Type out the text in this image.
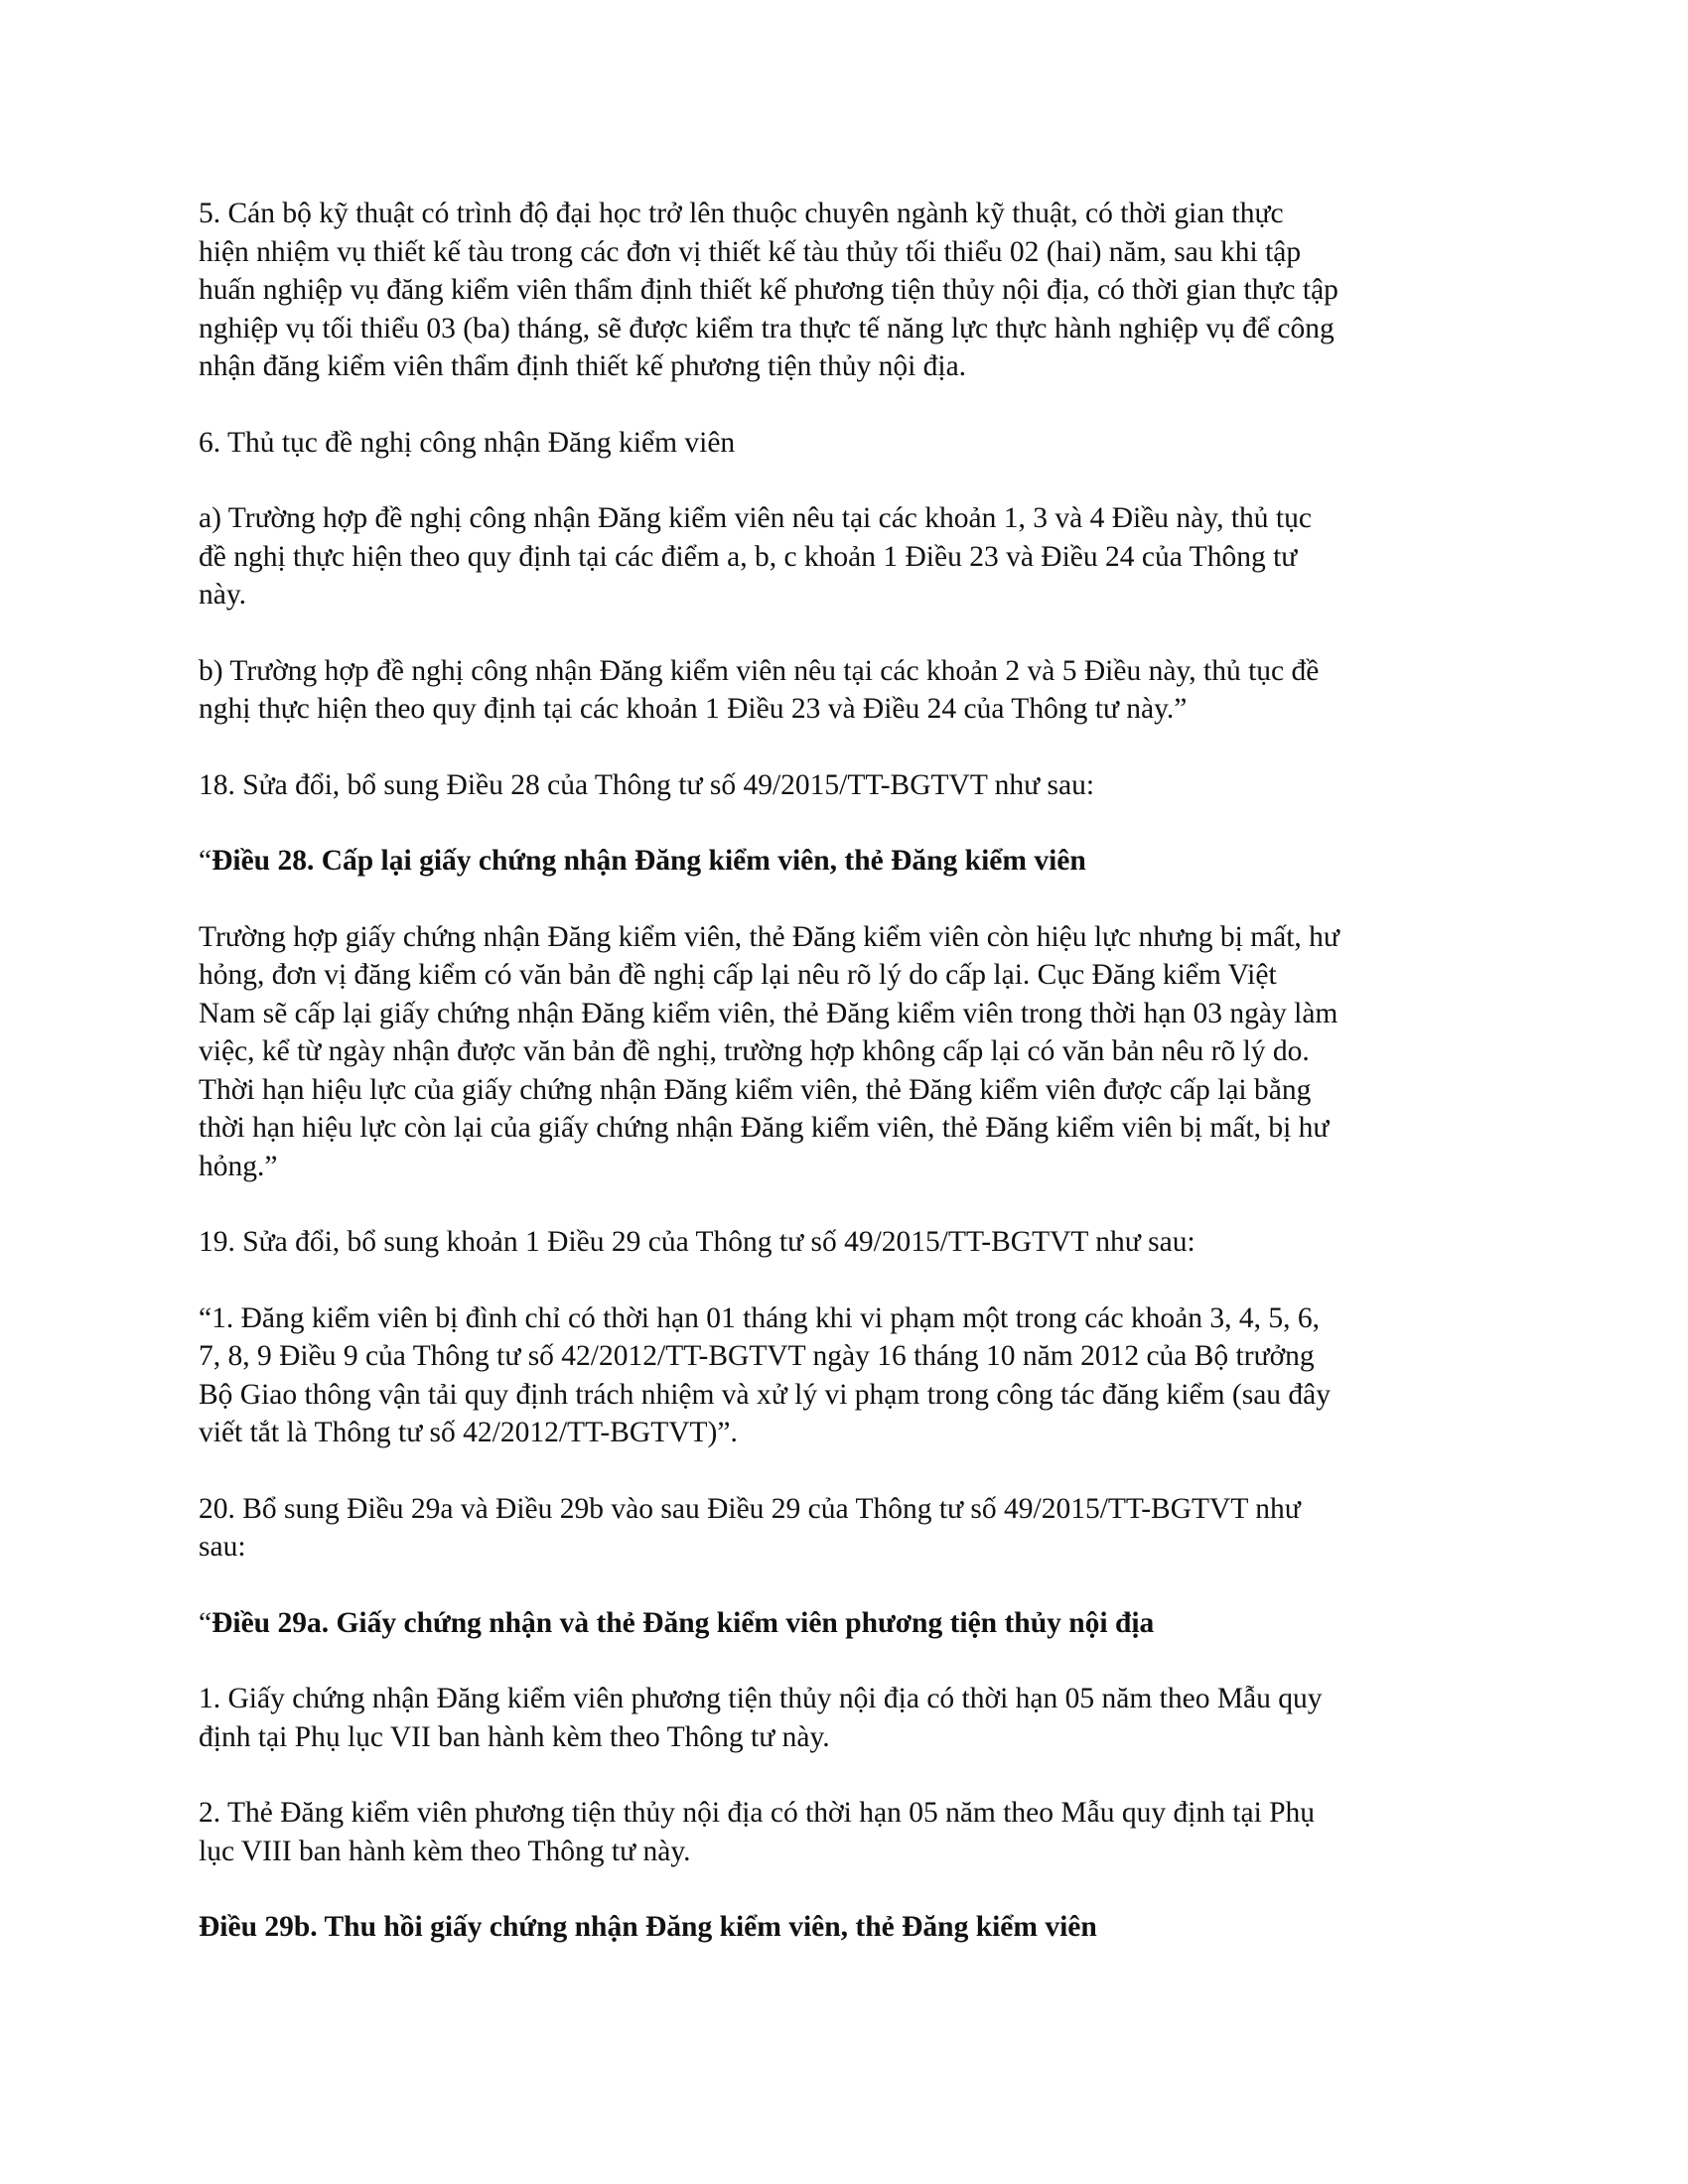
5. Cán bộ kỹ thuật có trình độ đại học trở lên thuộc chuyên ngành kỹ thuật, có thời gian thực
hiện nhiệm vụ thiết kế tàu trong các đơn vị thiết kế tàu thủy tối thiểu 02 (hai) năm, sau khi tập
huấn nghiệp vụ đăng kiểm viên thẩm định thiết kế phương tiện thủy nội địa, có thời gian thực tập
nghiệp vụ tối thiểu 03 (ba) tháng, sẽ được kiểm tra thực tế năng lực thực hành nghiệp vụ để công
nhận đăng kiểm viên thẩm định thiết kế phương tiện thủy nội địa.

6. Thủ tục đề nghị công nhận Đăng kiểm viên

a) Trường hợp đề nghị công nhận Đăng kiểm viên nêu tại các khoản 1, 3 và 4 Điều này, thủ tục
đề nghị thực hiện theo quy định tại các điểm a, b, c khoản 1 Điều 23 và Điều 24 của Thông tư
này.

b) Trường hợp đề nghị công nhận Đăng kiểm viên nêu tại các khoản 2 và 5 Điều này, thủ tục đề
nghị thực hiện theo quy định tại các khoản 1 Điều 23 và Điều 24 của Thông tư này.”

18. Sửa đổi, bổ sung Điều 28 của Thông tư số 49/2015/TT-BGTVT như sau:

“Điều 28. Cấp lại giấy chứng nhận Đăng kiểm viên, thẻ Đăng kiểm viên

Trường hợp giấy chứng nhận Đăng kiểm viên, thẻ Đăng kiểm viên còn hiệu lực nhưng bị mất, hư
hỏng, đơn vị đăng kiểm có văn bản đề nghị cấp lại nêu rõ lý do cấp lại. Cục Đăng kiểm Việt
Nam sẽ cấp lại giấy chứng nhận Đăng kiểm viên, thẻ Đăng kiểm viên trong thời hạn 03 ngày làm
việc, kể từ ngày nhận được văn bản đề nghị, trường hợp không cấp lại có văn bản nêu rõ lý do.
Thời hạn hiệu lực của giấy chứng nhận Đăng kiểm viên, thẻ Đăng kiểm viên được cấp lại bằng
thời hạn hiệu lực còn lại của giấy chứng nhận Đăng kiểm viên, thẻ Đăng kiểm viên bị mất, bị hư
hỏng.”

19. Sửa đổi, bổ sung khoản 1 Điều 29 của Thông tư số 49/2015/TT-BGTVT như sau:

“1. Đăng kiểm viên bị đình chỉ có thời hạn 01 tháng khi vi phạm một trong các khoản 3, 4, 5, 6,
7, 8, 9 Điều 9 của Thông tư số 42/2012/TT-BGTVT ngày 16 tháng 10 năm 2012 của Bộ trưởng
Bộ Giao thông vận tải quy định trách nhiệm và xử lý vi phạm trong công tác đăng kiểm (sau đây
viết tắt là Thông tư số 42/2012/TT-BGTVT)”.

20. Bổ sung Điều 29a và Điều 29b vào sau Điều 29 của Thông tư số 49/2015/TT-BGTVT như
sau:

“Điều 29a. Giấy chứng nhận và thẻ Đăng kiểm viên phương tiện thủy nội địa

1. Giấy chứng nhận Đăng kiểm viên phương tiện thủy nội địa có thời hạn 05 năm theo Mẫu quy
định tại Phụ lục VII ban hành kèm theo Thông tư này.

2. Thẻ Đăng kiểm viên phương tiện thủy nội địa có thời hạn 05 năm theo Mẫu quy định tại Phụ
lục VIII ban hành kèm theo Thông tư này.

Điều 29b. Thu hồi giấy chứng nhận Đăng kiểm viên, thẻ Đăng kiểm viên
